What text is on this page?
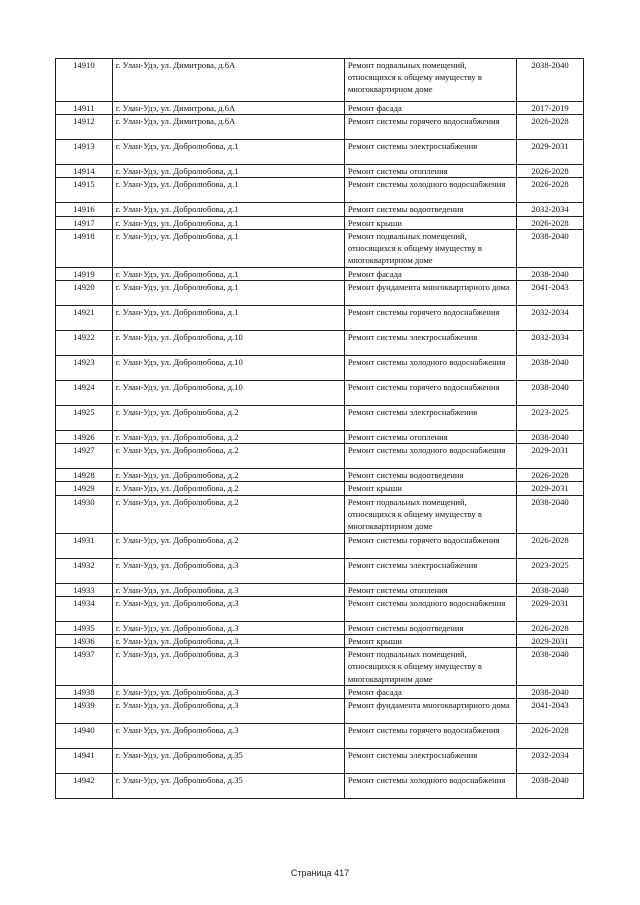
14910	г. Улан-Удэ, ул. Димитрова, д.6А	Ремонт подвальных помещений, относящихся к общему имуществу в многоквартирном доме	2038-2040
14911	г. Улан-Удэ, ул. Димитрова, д.6А	Ремонт фасада	2017-2019
14912	г. Улан-Удэ, ул. Димитрова, д.6А	Ремонт системы горячего водоснабжения	2026-2028
14913	г. Улан-Удэ, ул. Добролюбова, д.1	Ремонт системы электроснабжения	2029-2031
14914	г. Улан-Удэ, ул. Добролюбова, д.1	Ремонт системы отопления	2026-2028
14915	г. Улан-Удэ, ул. Добролюбова, д.1	Ремонт системы холодного водоснабжения	2026-2028
14916	г. Улан-Удэ, ул. Добролюбова, д.1	Ремонт системы водоотведения	2032-2034
14917	г. Улан-Удэ, ул. Добролюбова, д.1	Ремонт крыши	2026-2028
14918	г. Улан-Удэ, ул. Добролюбова, д.1	Ремонт подвальных помещений, относящихся к общему имуществу в многоквартирном доме	2038-2040
14919	г. Улан-Удэ, ул. Добролюбова, д.1	Ремонт фасада	2038-2040
14920	г. Улан-Удэ, ул. Добролюбова, д.1	Ремонт фундамента многоквартирного дома	2041-2043
14921	г. Улан-Удэ, ул. Добролюбова, д.1	Ремонт системы горячего водоснабжения	2032-2034
14922	г. Улан-Удэ, ул. Добролюбова, д.10	Ремонт системы электроснабжения	2032-2034
14923	г. Улан-Удэ, ул. Добролюбова, д.10	Ремонт системы холодного водоснабжения	2038-2040
14924	г. Улан-Удэ, ул. Добролюбова, д.10	Ремонт системы горячего водоснабжения	2038-2040
14925	г. Улан-Удэ, ул. Добролюбова, д.2	Ремонт системы электроснабжения	2023-2025
14926	г. Улан-Удэ, ул. Добролюбова, д.2	Ремонт системы отопления	2038-2040
14927	г. Улан-Удэ, ул. Добролюбова, д.2	Ремонт системы холодного водоснабжения	2029-2031
14928	г. Улан-Удэ, ул. Добролюбова, д.2	Ремонт системы водоотведения	2026-2028
14929	г. Улан-Удэ, ул. Добролюбова, д.2	Ремонт крыши	2029-2031
14930	г. Улан-Удэ, ул. Добролюбова, д.2	Ремонт подвальных помещений, относящихся к общему имуществу в многоквартирном доме	2038-2040
14931	г. Улан-Удэ, ул. Добролюбова, д.2	Ремонт системы горячего водоснабжения	2026-2028
14932	г. Улан-Удэ, ул. Добролюбова, д.3	Ремонт системы электроснабжения	2023-2025
14933	г. Улан-Удэ, ул. Добролюбова, д.3	Ремонт системы отопления	2038-2040
14934	г. Улан-Удэ, ул. Добролюбова, д.3	Ремонт системы холодного водоснабжения	2029-2031
14935	г. Улан-Удэ, ул. Добролюбова, д.3	Ремонт системы водоотведения	2026-2028
14936	г. Улан-Удэ, ул. Добролюбова, д.3	Ремонт крыши	2029-2031
14937	г. Улан-Удэ, ул. Добролюбова, д.3	Ремонт подвальных помещений, относящихся к общему имуществу в многоквартирном доме	2038-2040
14938	г. Улан-Удэ, ул. Добролюбова, д.3	Ремонт фасада	2038-2040
14939	г. Улан-Удэ, ул. Добролюбова, д.3	Ремонт фундамента многоквартирного дома	2041-2043
14940	г. Улан-Удэ, ул. Добролюбова, д.3	Ремонт системы горячего водоснабжения	2026-2028
14941	г. Улан-Удэ, ул. Добролюбова, д.35	Ремонт системы электроснабжения	2032-2034
14942	г. Улан-Удэ, ул. Добролюбова, д.35	Ремонт системы холодного водоснабжения	2038-2040
Страница 417
